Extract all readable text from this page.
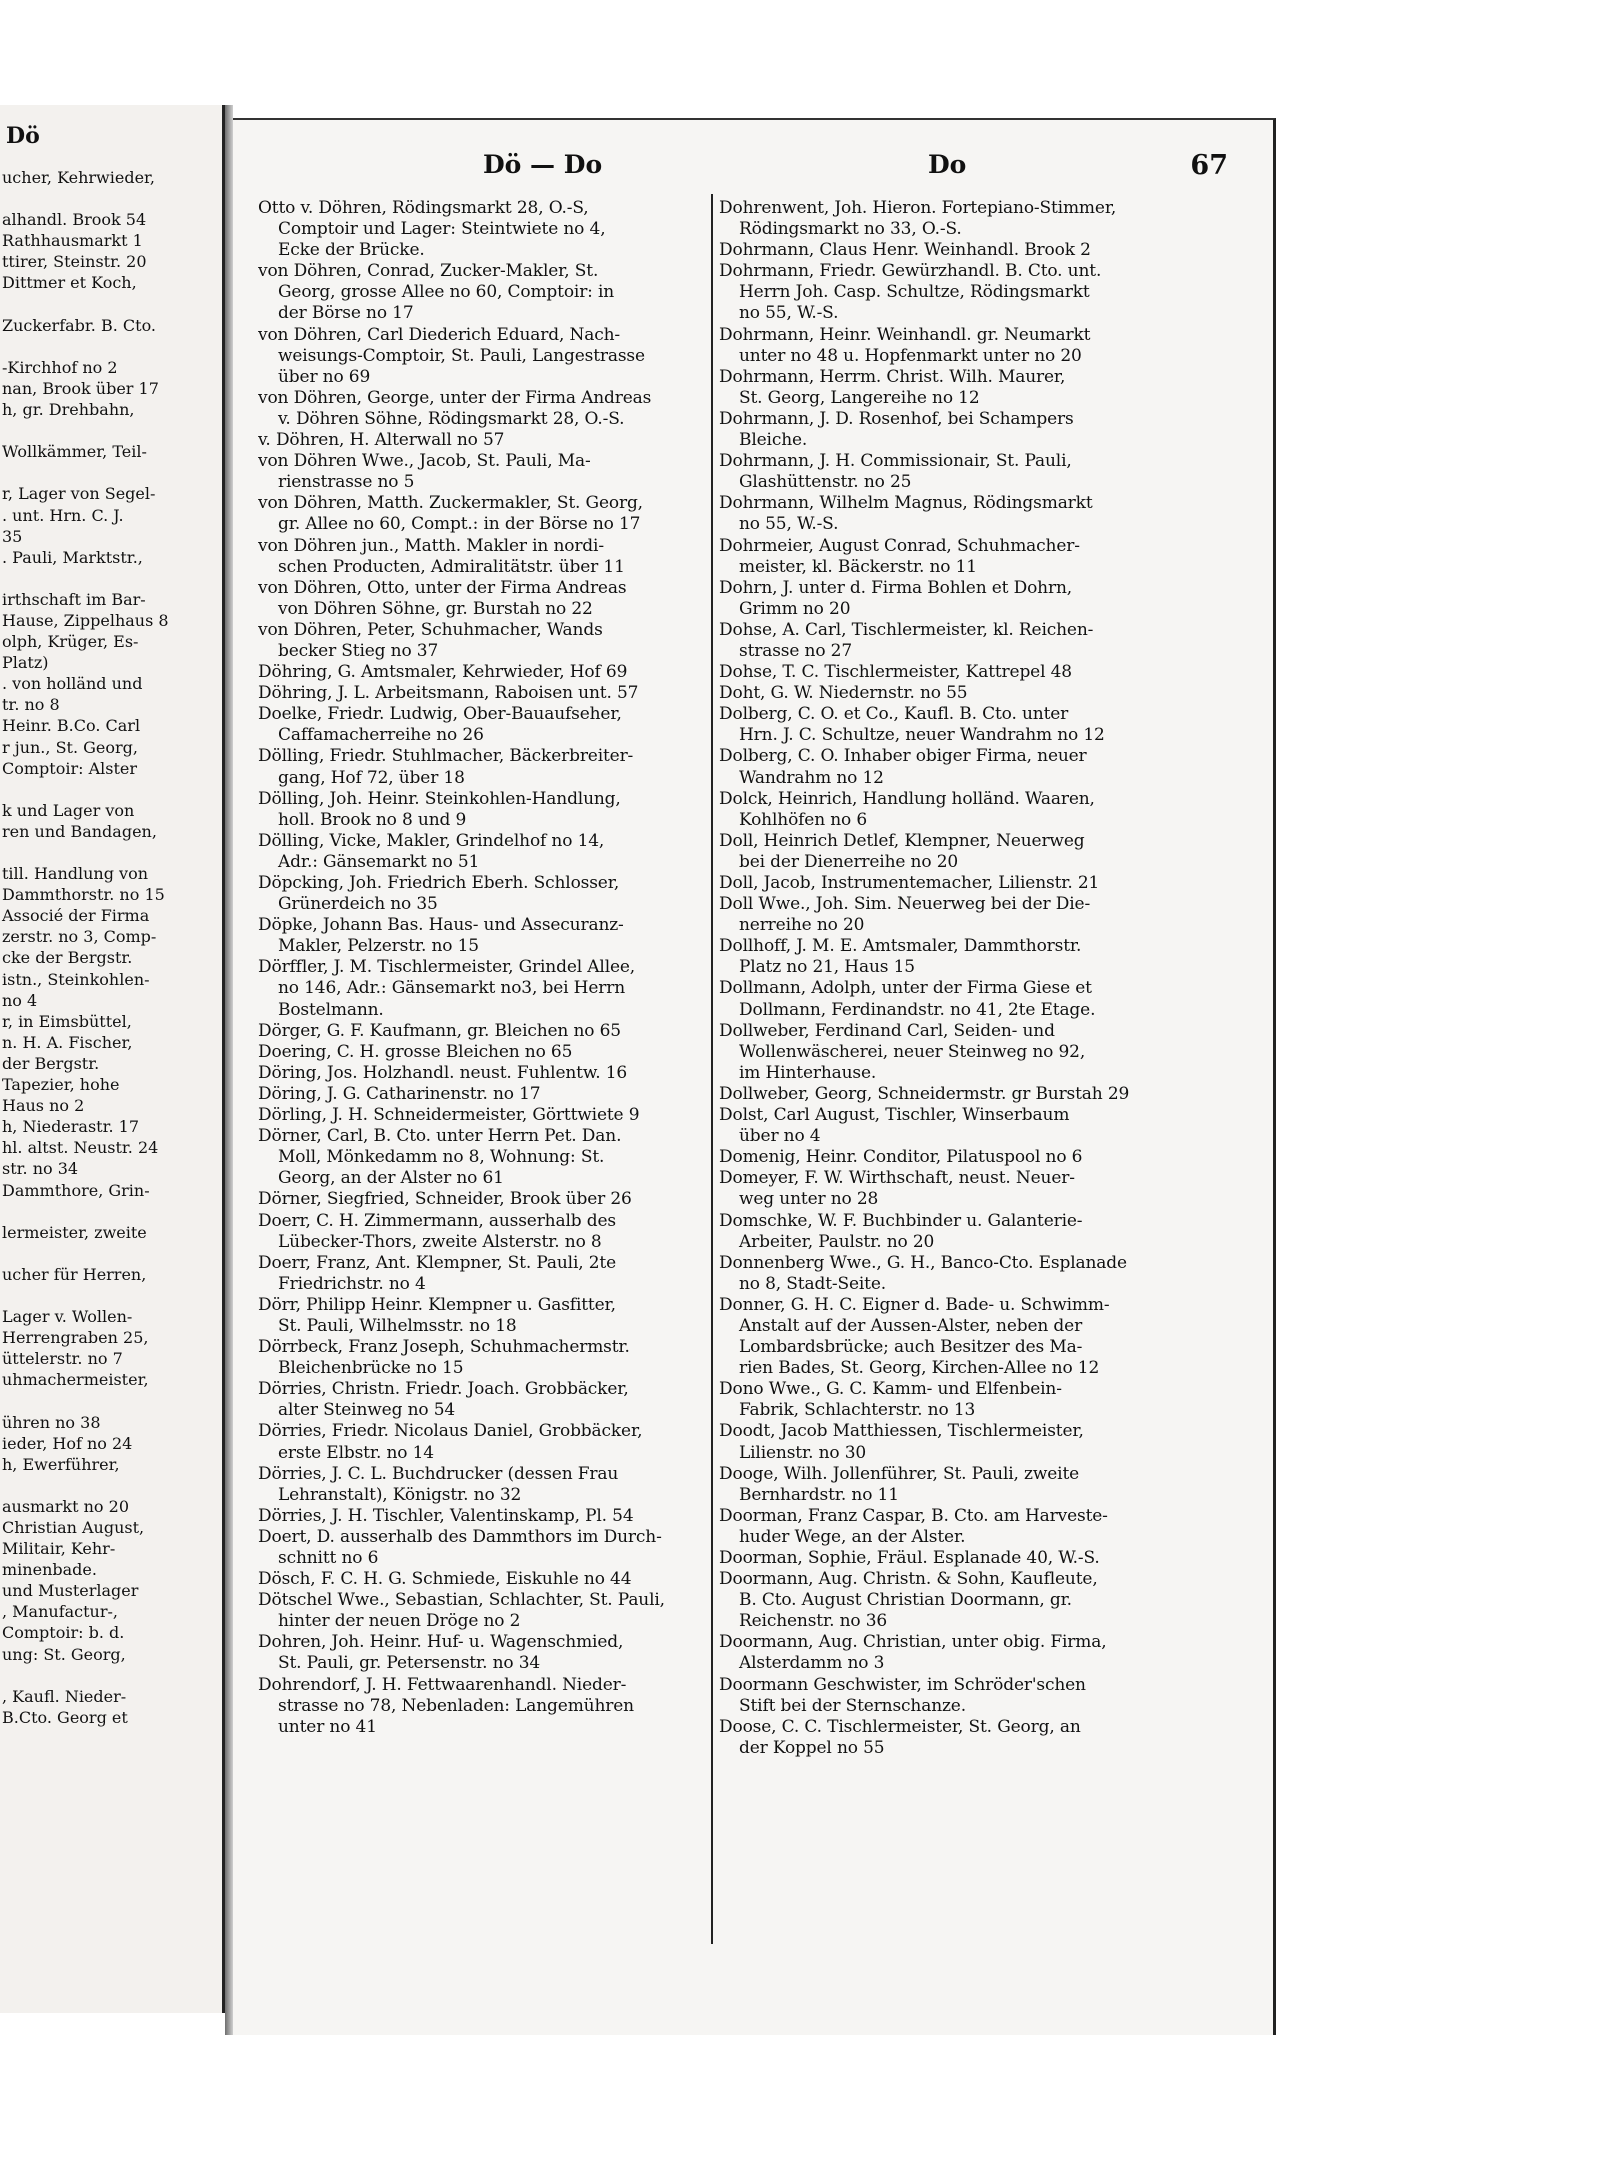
Dö
ucher, Kehrwieder,

alhandl. Brook 54
Rathhausmarkt 1
ttirer, Steinstr. 20
Dittmer et Koch,

Zuckerfabr. B. Cto.

-Kirchhof no 2
nan, Brook über 17
h, gr. Drehbahn,

Wollkämmer, Teil-

r, Lager von Segel-
. unt. Hrn. C. J.
35
. Pauli, Marktstr.,

irthschaft im Bar-
Hause, Zippelhaus 8
olph, Krüger, Es-
Platz)
. von holländ und
tr. no 8
Heinr. B.Co. Carl
r jun., St. Georg,
Comptoir: Alster

k und Lager von
ren und Bandagen,

till. Handlung von
Dammthorstr. no 15
Associé der Firma
zerstr. no 3, Comp-
cke der Bergstr.
istn., Steinkohlen-
no 4
r, in Eimsbüttel,
n. H. A. Fischer,
der Bergstr.
Tapezier, hohe
Haus no 2
h, Niederastr. 17
hl. altst. Neustr. 24
str. no 34
Dammthore, Grin-

lermeister, zweite

ucher für Herren,

Lager v. Wollen-
Herrengraben 25,
üttelerstr. no 7
uhmachermeister,

ühren no 38
ieder, Hof no 24
h, Ewerführer,

ausmarkt no 20
Christian August,
Militair, Kehr-
minenbade.
und Musterlager
, Manufactur-,
Comptoir: b. d.
ung: St. Georg,

, Kaufl. Nieder-
B.Cto. Georg et
Dö — Do	Do	67
Otto v. Döhren, Rödingsmarkt 28, O.-S,
Comptoir und Lager: Steintwiete no 4,
Ecke der Brücke.
von Döhren, Conrad, Zucker-Makler, St.
Georg, grosse Allee no 60, Comptoir: in
der Börse no 17
von Döhren, Carl Diederich Eduard, Nach-
weisungs-Comptoir, St. Pauli, Langestrasse
über no 69
von Döhren, George, unter der Firma Andreas
v. Döhren Söhne, Rödingsmarkt 28, O.-S.
v. Döhren, H. Alterwall no 57
von Döhren Wwe., Jacob, St. Pauli, Ma-
rienstrasse no 5
von Döhren, Matth. Zuckermakler, St. Georg,
gr. Allee no 60, Compt.: in der Börse no 17
von Döhren jun., Matth. Makler in nordi-
schen Producten, Admiralitätstr. über 11
von Döhren, Otto, unter der Firma Andreas
von Döhren Söhne, gr. Burstah no 22
von Döhren, Peter, Schuhmacher, Wands
becker Stieg no 37
Döhring, G. Amtsmaler, Kehrwieder, Hof 69
Döhring, J. L. Arbeitsmann, Raboisen unt. 57
Doelke, Friedr. Ludwig, Ober-Bauaufseher,
Caffamacherreihe no 26
Dölling, Friedr. Stuhlmacher, Bäckerbreiter-
gang, Hof 72, über 18
Dölling, Joh. Heinr. Steinkohlen-Handlung,
holl. Brook no 8 und 9
Dölling, Vicke, Makler, Grindelhof no 14,
Adr.: Gänsemarkt no 51
Döpcking, Joh. Friedrich Eberh. Schlosser,
Grünerdeich no 35
Döpke, Johann Bas. Haus- und Assecuranz-
Makler, Pelzerstr. no 15
Dörffler, J. M. Tischlermeister, Grindel Allee,
no 146, Adr.: Gänsemarkt no3, bei Herrn
Bostelmann.
Dörger, G. F. Kaufmann, gr. Bleichen no 65
Doering, C. H. grosse Bleichen no 65
Döring, Jos. Holzhandl. neust. Fuhlentw. 16
Döring, J. G. Catharinenstr. no 17
Dörling, J. H. Schneidermeister, Görttwiete 9
Dörner, Carl, B. Cto. unter Herrn Pet. Dan.
Moll, Mönkedamm no 8, Wohnung: St.
Georg, an der Alster no 61
Dörner, Siegfried, Schneider, Brook über 26
Doerr, C. H. Zimmermann, ausserhalb des
Lübecker-Thors, zweite Alsterstr. no 8
Doerr, Franz, Ant. Klempner, St. Pauli, 2te
Friedrichstr. no 4
Dörr, Philipp Heinr. Klempner u. Gasfitter,
St. Pauli, Wilhelmsstr. no 18
Dörrbeck, Franz Joseph, Schuhmachermstr.
Bleichenbrücke no 15
Dörries, Christn. Friedr. Joach. Grobbäcker,
alter Steinweg no 54
Dörries, Friedr. Nicolaus Daniel, Grobbäcker,
erste Elbstr. no 14
Dörries, J. C. L. Buchdrucker (dessen Frau
Lehranstalt), Königstr. no 32
Dörries, J. H. Tischler, Valentinskamp, Pl. 54
Doert, D. ausserhalb des Dammthors im Durch-
schnitt no 6
Dösch, F. C. H. G. Schmiede, Eiskuhle no 44
Dötschel Wwe., Sebastian, Schlachter, St. Pauli,
hinter der neuen Dröge no 2
Dohren, Joh. Heinr. Huf- u. Wagenschmied,
St. Pauli, gr. Petersenstr. no 34
Dohrendorf, J. H. Fettwaarenhandl. Nieder-
strasse no 78, Nebenladen: Langemühren
unter no 41
Dohrenwent, Joh. Hieron. Fortepiano-Stimmer,
Rödingsmarkt no 33, O.-S.
Dohrmann, Claus Henr. Weinhandl. Brook 2
Dohrmann, Friedr. Gewürzhandl. B. Cto. unt.
Herrn Joh. Casp. Schultze, Rödingsmarkt
no 55, W.-S.
Dohrmann, Heinr. Weinhandl. gr. Neumarkt
unter no 48 u. Hopfenmarkt unter no 20
Dohrmann, Herrm. Christ. Wilh. Maurer,
St. Georg, Langereihe no 12
Dohrmann, J. D. Rosenhof, bei Schampers
Bleiche.
Dohrmann, J. H. Commissionair, St. Pauli,
Glashüttenstr. no 25
Dohrmann, Wilhelm Magnus, Rödingsmarkt
no 55, W.-S.
Dohrmeier, August Conrad, Schuhmacher-
meister, kl. Bäckerstr. no 11
Dohrn, J. unter d. Firma Bohlen et Dohrn,
Grimm no 20
Dohse, A. Carl, Tischlermeister, kl. Reichen-
strasse no 27
Dohse, T. C. Tischlermeister, Kattrepel 48
Doht, G. W. Niedernstr. no 55
Dolberg, C. O. et Co., Kaufl. B. Cto. unter
Hrn. J. C. Schultze, neuer Wandrahm no 12
Dolberg, C. O. Inhaber obiger Firma, neuer
Wandrahm no 12
Dolck, Heinrich, Handlung holländ. Waaren,
Kohlhöfen no 6
Doll, Heinrich Detlef, Klempner, Neuerweg
bei der Dienerreihe no 20
Doll, Jacob, Instrumentemacher, Lilienstr. 21
Doll Wwe., Joh. Sim. Neuerweg bei der Die-
nerreihe no 20
Dollhoff, J. M. E. Amtsmaler, Dammthorstr.
Platz no 21, Haus 15
Dollmann, Adolph, unter der Firma Giese et
Dollmann, Ferdinandstr. no 41, 2te Etage.
Dollweber, Ferdinand Carl, Seiden- und
Wollenwäscherei, neuer Steinweg no 92,
im Hinterhause.
Dollweber, Georg, Schneidermstr. gr Burstah 29
Dolst, Carl August, Tischler, Winserbaum
über no 4
Domenig, Heinr. Conditor, Pilatuspool no 6
Domeyer, F. W. Wirthschaft, neust. Neuer-
weg unter no 28
Domschke, W. F. Buchbinder u. Galanterie-
Arbeiter, Paulstr. no 20
Donnenberg Wwe., G. H., Banco-Cto. Esplanade
no 8, Stadt-Seite.
Donner, G. H. C. Eigner d. Bade- u. Schwimm-
Anstalt auf der Aussen-Alster, neben der
Lombardsbrücke; auch Besitzer des Ma-
rien Bades, St. Georg, Kirchen-Allee no 12
Dono Wwe., G. C. Kamm- und Elfenbein-
Fabrik, Schlachterstr. no 13
Doodt, Jacob Matthiessen, Tischlermeister,
Lilienstr. no 30
Dooge, Wilh. Jollenführer, St. Pauli, zweite
Bernhardstr. no 11
Doorman, Franz Caspar, B. Cto. am Harveste-
huder Wege, an der Alster.
Doorman, Sophie, Fräul. Esplanade 40, W.-S.
Doormann, Aug. Christn. & Sohn, Kaufleute,
B. Cto. August Christian Doormann, gr.
Reichenstr. no 36
Doormann, Aug. Christian, unter obig. Firma,
Alsterdamm no 3
Doormann Geschwister, im Schröder'schen
Stift bei der Sternschanze.
Doose, C. C. Tischlermeister, St. Georg, an
der Koppel no 55
